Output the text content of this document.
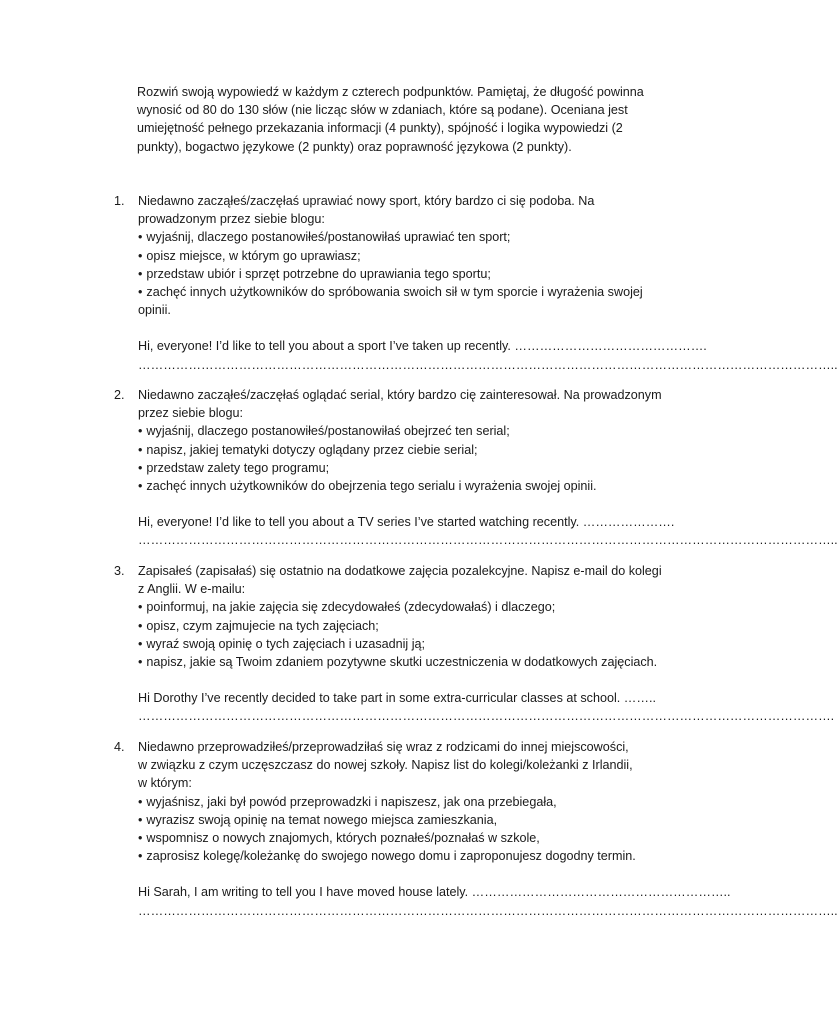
Rozwiń swoją wypowiedź w każdym z czterech podpunktów. Pamiętaj, że długość powinna
wynosić od 80 do 130 słów (nie licząc słów w zdaniach, które są podane). Oceniana jest
umiejętność pełnego przekazania informacji (4 punkty), spójność i logika wypowiedzi (2
punkty), bogactwo językowe (2 punkty) oraz poprawność językowa (2 punkty).
1. Niedawno zacząłeś/zaczęłaś uprawiać nowy sport, który bardzo ci się podoba. Na
prowadzonym przez siebie blogu:
• wyjaśnij, dlaczego postanowiłeś/postanowiłaś uprawiać ten sport;
• opisz miejsce, w którym go uprawiasz;
• przedstaw ubiór i sprzęt potrzebne do uprawiania tego sportu;
• zachęć innych użytkowników do spróbowania swoich sił w tym sporcie i wyrażenia swojej
opinii.
Hi, everyone! I’d like to tell you about a sport I’ve taken up recently. ……………………………………….
…………………………………………………………………………………………………………………………………………………..
2. Niedawno zacząłeś/zaczęłaś oglądać serial, który bardzo cię zainteresował. Na prowadzonym
przez siebie blogu:
• wyjaśnij, dlaczego postanowiłeś/postanowiłaś obejrzeć ten serial;
• napisz, jakiej tematyki dotyczy oglądany przez ciebie serial;
• przedstaw zalety tego programu;
• zachęć innych użytkowników do obejrzenia tego serialu i wyrażenia swojej opinii.
Hi, everyone! I’d like to tell you about a TV series I’ve started watching recently. ………………….
…………………………………………………………………………………………………………………………………………………..
3. Zapisałeś (zapisałaś) się ostatnio na dodatkowe zajęcia pozalekcyjne. Napisz e-mail do kolegi
z Anglii. W e-mailu:
• poinformuj, na jakie zajęcia się zdecydowałeś (zdecydowałaś) i dlaczego;
• opisz, czym zajmujecie na tych zajęciach;
• wyraź swoją opinię o tych zajęciach i uzasadnij ją;
• napisz, jakie są Twoim zdaniem pozytywne skutki uczestniczenia w dodatkowych zajęciach.
Hi Dorothy I’ve recently decided to take part in some extra-curricular classes at school. ……..
………………………………………………………………………………………………………………………………………………….
4. Niedawno przeprowadziłeś/przeprowadziłaś się wraz z rodzicami do innej miejscowości,
w związku z czym uczęszczasz do nowej szkoły. Napisz list do kolegi/koleżanki z Irlandii,
w którym:
• wyjaśnisz, jaki był powód przeprowadzki i napiszesz, jak ona przebiegała,
• wyrazisz swoją opinię na temat nowego miejsca zamieszkania,
• wspomnisz o nowych znajomych, których poznałeś/poznałaś w szkole,
• zaprosisz kolegę/koleżankę do swojego nowego domu i zaproponujesz dogodny termin.
Hi Sarah, I am writing to tell you I have moved house lately. ……………………………………………………..
…………………………………………………………………………………………………………………………………………………..
